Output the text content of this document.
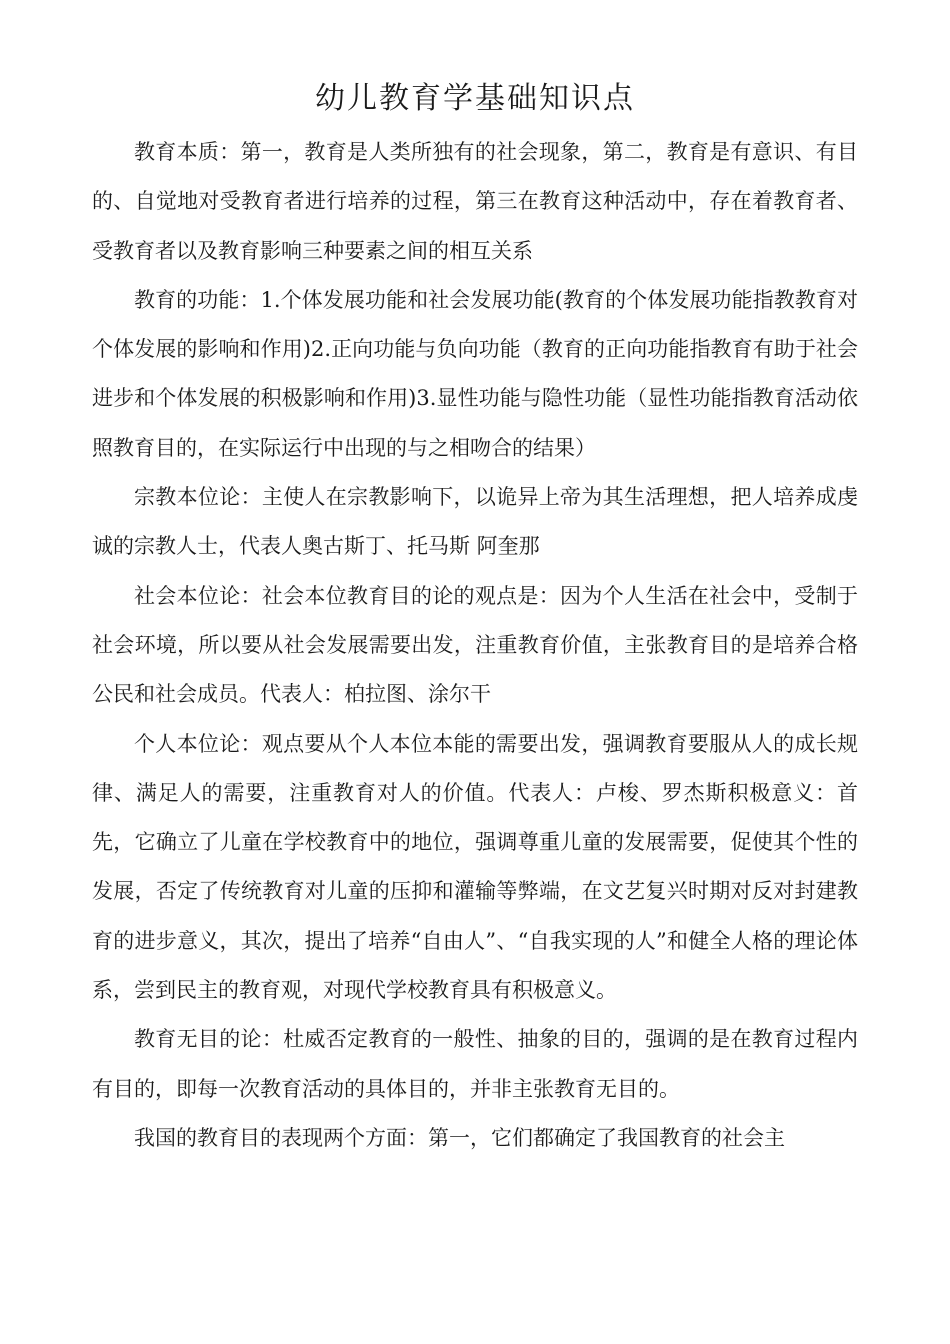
幼儿教育学基础知识点

教育本质：第一，教育是人类所独有的社会现象，第二，教育是有意识、有目的、自觉地对受教育者进行培养的过程，第三在教育这种活动中，存在着教育者、受教育者以及教育影响三种要素之间的相互关系

教育的功能：1.个体发展功能和社会发展功能(教育的个体发展功能指教教育对个体发展的影响和作用)2.正向功能与负向功能（教育的正向功能指教育有助于社会进步和个体发展的积极影响和作用)3.显性功能与隐性功能（显性功能指教育活动依照教育目的，在实际运行中出现的与之相吻合的结果）

宗教本位论：主使人在宗教影响下，以诡异上帝为其生活理想，把人培养成虔诚的宗教人士，代表人奥古斯丁、托马斯 阿奎那

社会本位论：社会本位教育目的论的观点是：因为个人生活在社会中，受制于社会环境，所以要从社会发展需要出发，注重教育价值，主张教育目的是培养合格公民和社会成员。代表人：柏拉图、涂尔干

个人本位论：观点要从个人本位本能的需要出发，强调教育要服从人的成长规律、满足人的需要，注重教育对人的价值。代表人：卢梭、罗杰斯积极意义：首先，它确立了儿童在学校教育中的地位，强调尊重儿童的发展需要，促使其个性的发展，否定了传统教育对儿童的压抑和灌输等弊端，在文艺复兴时期对反对封建教育的进步意义，其次，提出了培养“自由人”、“自我实现的人”和健全人格的理论体系，尝到民主的教育观，对现代学校教育具有积极意义。

教育无目的论：杜威否定教育的一般性、抽象的目的，强调的是在教育过程内有目的，即每一次教育活动的具体目的，并非主张教育无目的。

我国的教育目的表现两个方面：第一，它们都确定了我国教育的社会主
